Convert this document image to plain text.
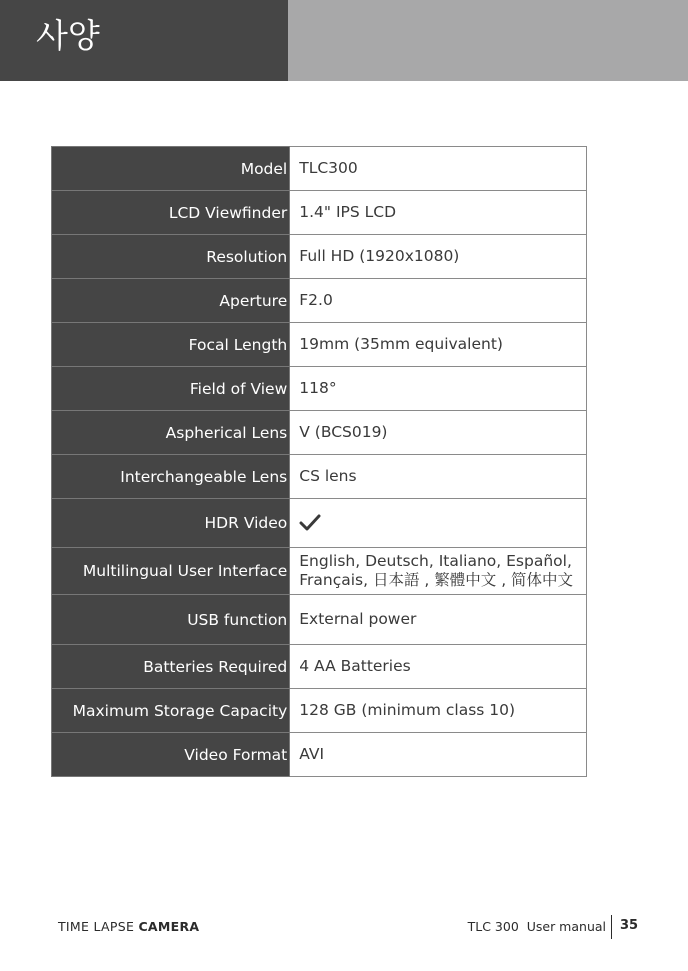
사양
Model	TLC300
LCD Viewfinder	1.4" IPS LCD
Resolution	Full HD (1920x1080)
Aperture	F2.0
Focal Length	19mm (35mm equivalent)
Field of View	118°
Aspherical Lens	V (BCS019)
Interchangeable Lens	CS lens
HDR Video	
Multilingual User Interface	English, Deutsch, Italiano, Español,
Français, 日本語 , 繁體中文 , 简体中文

USB function	External power
Batteries Required	4 AA Batteries
Maximum Storage Capacity	128 GB (minimum class 10)
Video Format	AVI
TIME LAPSE CAMERA	TLC 300  User manual 35
